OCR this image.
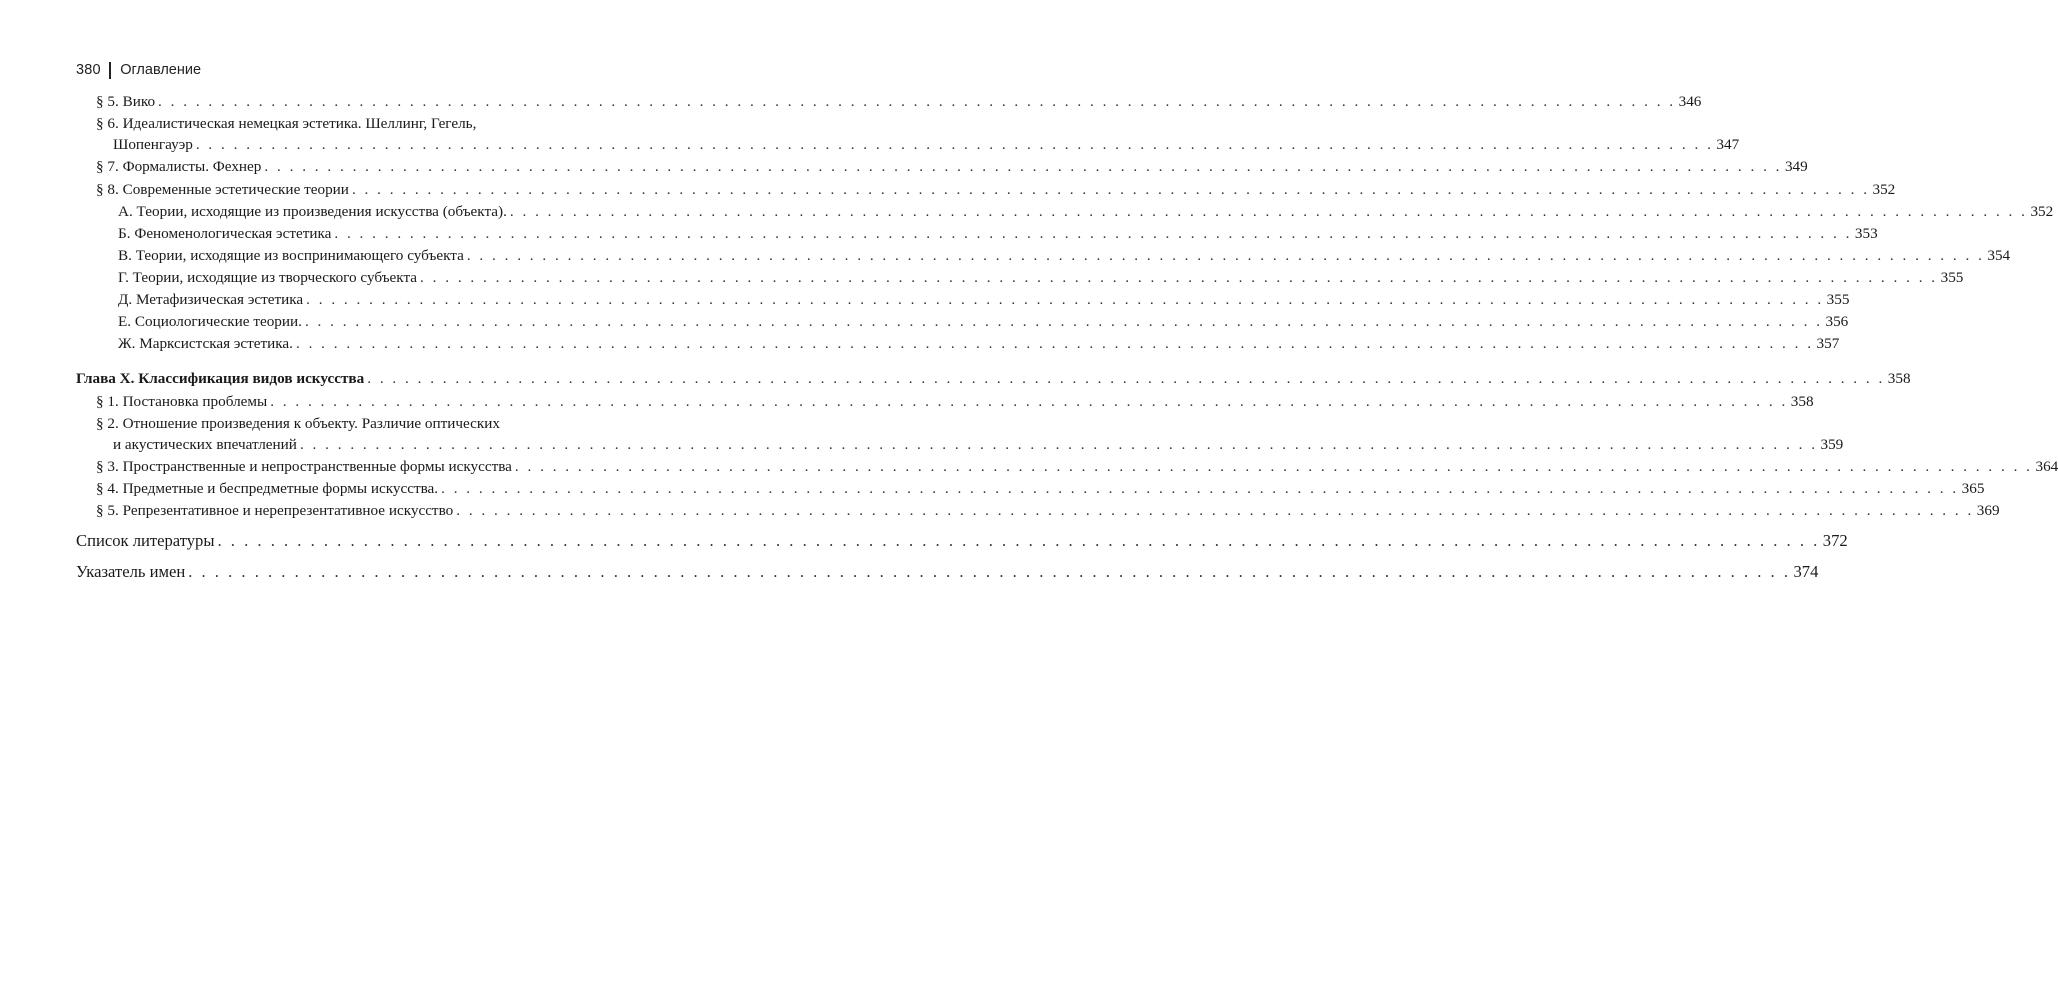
380 Оглавление
§ 5. Вико . . . . . . . . . . . . . . . . . . . . . . . . . . . . . . . . . . . . . . . . . . . . . . . . . . . . . . . . . . . . . . . . . . . . . . . . . . . . . . . . . . . . . . . . . . . . . . . . . . . . . . . . . . . . . . . . . . . . . . . . . 346
§ 6. Идеалистическая немецкая эстетика. Шеллинг, Гегель,
Шопенгауэр . . . . . . . . . . . . . . . . . . . . . . . . . . . . . . . . . . . . . . . . . . . . . . . . . . . . . . . . . . . . . . . . . . . . . . . . . . . . . . . . . . . . . . . . . . . . . . . . . . . . . . . . . . . . . . . . . . . . . . . . . 347
§ 7. Формалисты. Фехнер . . . . . . . . . . . . . . . . . . . . . . . . . . . . . . . . . . . . . . . . . . . . . . . . . . . . . . . . . . . . . . . . . . . . . . . . . . . . . . . . . . . . . . . . . . . . . . . . . . . . . . . . . . . . . . . . . . . . . . . . . 349
§ 8. Современные эстетические теории . . . . . . . . . . . . . . . . . . . . . . . . . . . . . . . . . . . . . . . . . . . . . . . . . . . . . . . . . . . . . . . . . . . . . . . . . . . . . . . . . . . . . . . . . . . . . . . . . . . . . . . . . . . . . . . . . . . . . . . . . 352
А. Теории, исходящие из произведения искусства (объекта). . . . . . . . . . . . . . . . . . . . . . . . . . . . . . . . . . . . . . . . . . . . . . . . . . . . . . . . . . . . . . . . . . . . . . . . . . . . . . . . . . . . . . . . . . . . . . . . . . . . . . . . . . . . . . . . . . . . . . . . . . 352
Б. Феноменологическая эстетика . . . . . . . . . . . . . . . . . . . . . . . . . . . . . . . . . . . . . . . . . . . . . . . . . . . . . . . . . . . . . . . . . . . . . . . . . . . . . . . . . . . . . . . . . . . . . . . . . . . . . . . . . . . . . . . . . . . . . . . . . 353
В. Теории, исходящие из воспринимающего субъекта . . . . . . . . . . . . . . . . . . . . . . . . . . . . . . . . . . . . . . . . . . . . . . . . . . . . . . . . . . . . . . . . . . . . . . . . . . . . . . . . . . . . . . . . . . . . . . . . . . . . . . . . . . . . . . . . . . . . . . . . . 354
Г. Теории, исходящие из творческого субъекта . . . . . . . . . . . . . . . . . . . . . . . . . . . . . . . . . . . . . . . . . . . . . . . . . . . . . . . . . . . . . . . . . . . . . . . . . . . . . . . . . . . . . . . . . . . . . . . . . . . . . . . . . . . . . . . . . . . . . . . . . 355
Д. Метафизическая эстетика . . . . . . . . . . . . . . . . . . . . . . . . . . . . . . . . . . . . . . . . . . . . . . . . . . . . . . . . . . . . . . . . . . . . . . . . . . . . . . . . . . . . . . . . . . . . . . . . . . . . . . . . . . . . . . . . . . . . . . . . . 355
Е. Социологические теории. . . . . . . . . . . . . . . . . . . . . . . . . . . . . . . . . . . . . . . . . . . . . . . . . . . . . . . . . . . . . . . . . . . . . . . . . . . . . . . . . . . . . . . . . . . . . . . . . . . . . . . . . . . . . . . . . . . . . . . . . . 356
Ж. Марксистская эстетика. . . . . . . . . . . . . . . . . . . . . . . . . . . . . . . . . . . . . . . . . . . . . . . . . . . . . . . . . . . . . . . . . . . . . . . . . . . . . . . . . . . . . . . . . . . . . . . . . . . . . . . . . . . . . . . . . . . . . . . . . . 357
Глава X. Классификация видов искусства . . . . . . . . . . . . . . . . . . . . . . . . . . . . . . . . . . . . . . . . . . . . . . . . . . . . . . . . . . . . . . . . . . . . . . . . . . . . . . . . . . . . . . . . . . . . . . . . . . . . . . . . . . . . . . . . . . . . . . . . . 358
§ 1. Постановка проблемы . . . . . . . . . . . . . . . . . . . . . . . . . . . . . . . . . . . . . . . . . . . . . . . . . . . . . . . . . . . . . . . . . . . . . . . . . . . . . . . . . . . . . . . . . . . . . . . . . . . . . . . . . . . . . . . . . . . . . . . . . 358
§ 2. Отношение произведения к объекту. Различие оптических
и акустических впечатлений . . . . . . . . . . . . . . . . . . . . . . . . . . . . . . . . . . . . . . . . . . . . . . . . . . . . . . . . . . . . . . . . . . . . . . . . . . . . . . . . . . . . . . . . . . . . . . . . . . . . . . . . . . . . . . . . . . . . . . . . . 359
§ 3. Пространственные и непространственные формы искусства . . . . . . . . . . . . . . . . . . . . . . . . . . . . . . . . . . . . . . . . . . . . . . . . . . . . . . . . . . . . . . . . . . . . . . . . . . . . . . . . . . . . . . . . . . . . . . . . . . . . . . . . . . . . . . . . . . . . . . . . . 364
§ 4. Предметные и беспредметные формы искусства. . . . . . . . . . . . . . . . . . . . . . . . . . . . . . . . . . . . . . . . . . . . . . . . . . . . . . . . . . . . . . . . . . . . . . . . . . . . . . . . . . . . . . . . . . . . . . . . . . . . . . . . . . . . . . . . . . . . . . . . . . 365
§ 5. Репрезентативное и нерепрезентативное искусство . . . . . . . . . . . . . . . . . . . . . . . . . . . . . . . . . . . . . . . . . . . . . . . . . . . . . . . . . . . . . . . . . . . . . . . . . . . . . . . . . . . . . . . . . . . . . . . . . . . . . . . . . . . . . . . . . . . . . . . . . 369
Список литературы . . . . . . . . . . . . . . . . . . . . . . . . . . . . . . . . . . . . . . . . . . . . . . . . . . . . . . . . . . . . . . . . . . . . . . . . . . . . . . . . . . . . . . . . . . . . . . . . . . . . . . . . . . . . . . . . . . . . . . . . . 372
Указатель имен . . . . . . . . . . . . . . . . . . . . . . . . . . . . . . . . . . . . . . . . . . . . . . . . . . . . . . . . . . . . . . . . . . . . . . . . . . . . . . . . . . . . . . . . . . . . . . . . . . . . . . . . . . . . . . . . . . . . . . . . . 374
